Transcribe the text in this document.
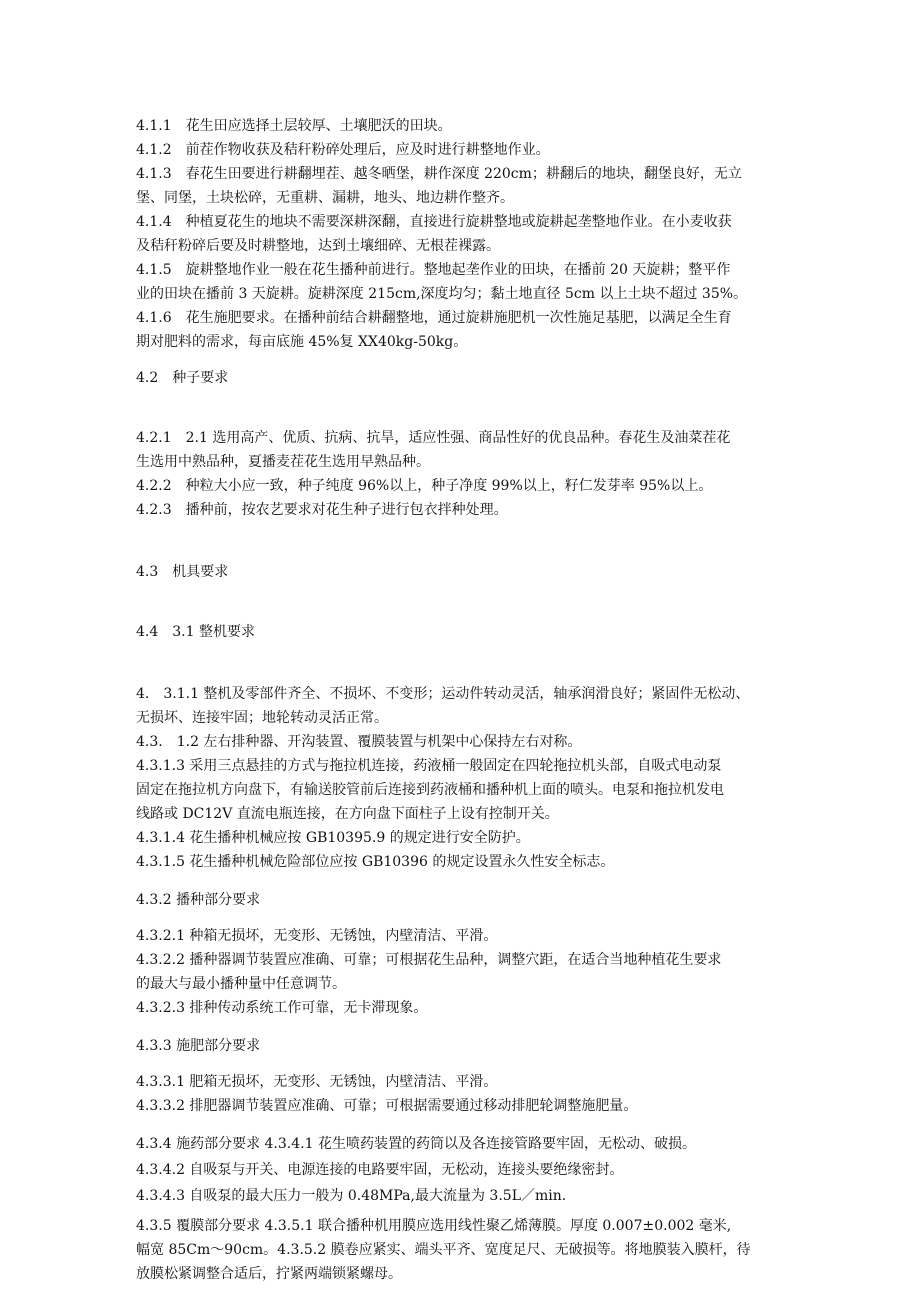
4.1.1　花生田应选择土层较厚、土壤肥沃的田块。
4.1.2　前茬作物收获及秸秆粉碎处理后，应及时进行耕整地作业。
4.1.3　春花生田要进行耕翻埋茬、越冬晒堡，耕作深度 220cm；耕翻后的地块，翻堡良好，无立
堡、同堡，土块松碎，无重耕、漏耕，地头、地边耕作整齐。
4.1.4　种植夏花生的地块不需要深耕深翻，直接进行旋耕整地或旋耕起垄整地作业。在小麦收获
及秸秆粉碎后要及时耕整地，达到土壤细碎、无根茬裸露。
4.1.5　旋耕整地作业一般在花生播种前进行。整地起垄作业的田块，在播前 20 天旋耕；整平作
业的田块在播前 3 天旋耕。旋耕深度 215cm,深度均匀；黏土地直径 5cm 以上土块不超过 35%。
4.1.6　花生施肥要求。在播种前结合耕翻整地，通过旋耕施肥机一次性施足基肥，以满足全生育
期对肥料的需求，每亩底施 45%复 XX40kg-50kg。
4.2　种子要求
4.2.1　2.1 选用高产、优质、抗病、抗旱，适应性强、商品性好的优良品种。春花生及油菜茬花
生选用中熟品种，夏播麦茬花生选用早熟品种。
4.2.2　种粒大小应一致，种子纯度 96%以上，种子净度 99%以上，籽仁发芽率 95%以上。
4.2.3　播种前，按农艺要求对花生种子进行包衣拌种处理。
4.3　机具要求
4.4　3.1 整机要求
4.　3.1.1 整机及零部件齐全、不损坏、不变形；运动件转动灵活，轴承润滑良好；紧固件无松动、
无损坏、连接牢固；地轮转动灵活正常。
4.3.　1.2 左右排种器、开沟装置、覆膜装置与机架中心保持左右对称。
4.3.1.3 采用三点悬挂的方式与拖拉机连接，药液桶一般固定在四轮拖拉机头部，自吸式电动泵
固定在拖拉机方向盘下，有输送胶管前后连接到药液桶和播种机上面的喷头。电泵和拖拉机发电
线路或 DC12V 直流电瓶连接，在方向盘下面柱子上设有控制开关。
4.3.1.4 花生播种机械应按 GB10395.9 的规定进行安全防护。
4.3.1.5 花生播种机械危险部位应按 GB10396 的规定设置永久性安全标志。
4.3.2 播种部分要求
4.3.2.1 种箱无损坏，无变形、无锈蚀，内壁清洁、平滑。
4.3.2.2 播种器调节装置应准确、可靠；可根据花生品种，调整穴距，在适合当地种植花生要求
的最大与最小播种量中任意调节。
4.3.2.3 排种传动系统工作可靠，无卡滞现象。
4.3.3 施肥部分要求
4.3.3.1 肥箱无损坏，无变形、无锈蚀，内壁清洁、平滑。
4.3.3.2 排肥器调节装置应准确、可靠；可根据需要通过移动排肥轮调整施肥量。
4.3.4 施药部分要求 4.3.4.1 花生喷药装置的药筒以及各连接管路要牢固，无松动、破损。
4.3.4.2 自吸泵与开关、电源连接的电路要牢固，无松动，连接头要绝缘密封。
4.3.4.3 自吸泵的最大压力一般为 0.48MPa,最大流量为 3.5L／min.
4.3.5 覆膜部分要求 4.3.5.1 联合播种机用膜应选用线性聚乙烯薄膜。厚度 0.007±0.002 毫米,
幅宽 85Cm～90cm。4.3.5.2 膜卷应紧实、端头平齐、宽度足尺、无破损等。将地膜装入膜杆，待
放膜松紧调整合适后，拧紧两端锁紧螺母。
